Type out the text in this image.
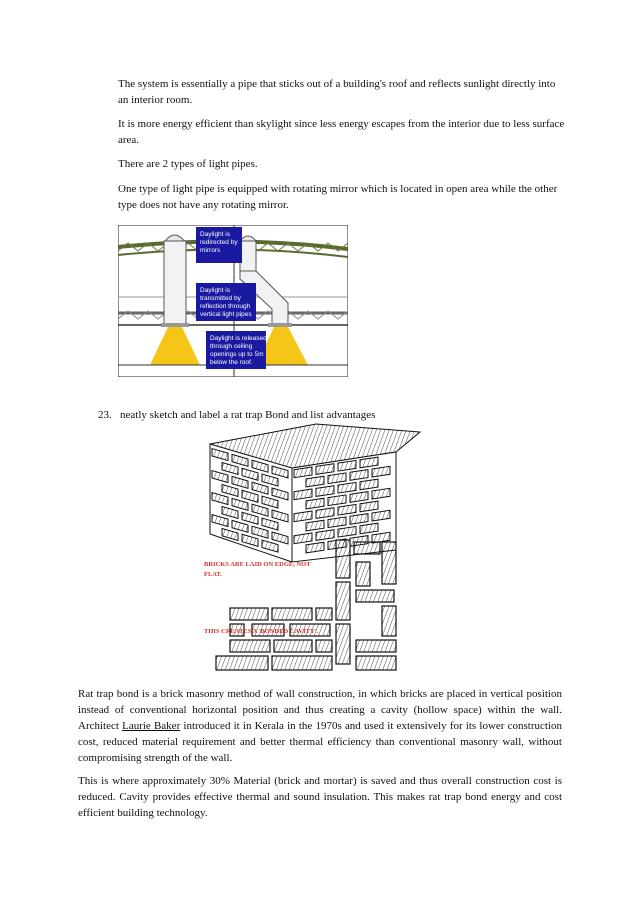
The system is essentially a pipe that sticks out of a building's roof and reflects sunlight directly into an interior room.

It is more energy efficient than skylight since less energy escapes from the interior due to less surface area.

There are 2 types of light pipes.

One type of light pipe is equipped with rotating mirror which is located in open area while the other type does not have any rotating mirror.

Daylight is
redirected by
mirrors
Daylight is
transmitted by
reflection through
vertical light pipes
Daylight is released
through ceiling
openings up to 5m
below the roof.

23. neatly sketch and label a rat trap Bond and list advantages

BRICKS ARE LAID ON EDGE, NOT
FLAT.
THIS CREATES A 'BONDED CAVITY'.

Rat trap bond is a brick masonry method of wall construction, in which bricks are placed in vertical position instead of conventional horizontal position and thus creating a cavity (hollow space) within the wall. Architect Laurie Baker introduced it in Kerala in the 1970s and used it extensively for its lower construction cost, reduced material requirement and better thermal efficiency than conventional masonry wall, without compromising strength of the wall.

This is where approximately 30% Material (brick and mortar) is saved and thus overall construction cost is reduced. Cavity provides effective thermal and sound insulation. This makes rat trap bond energy and cost efficient building technology.
